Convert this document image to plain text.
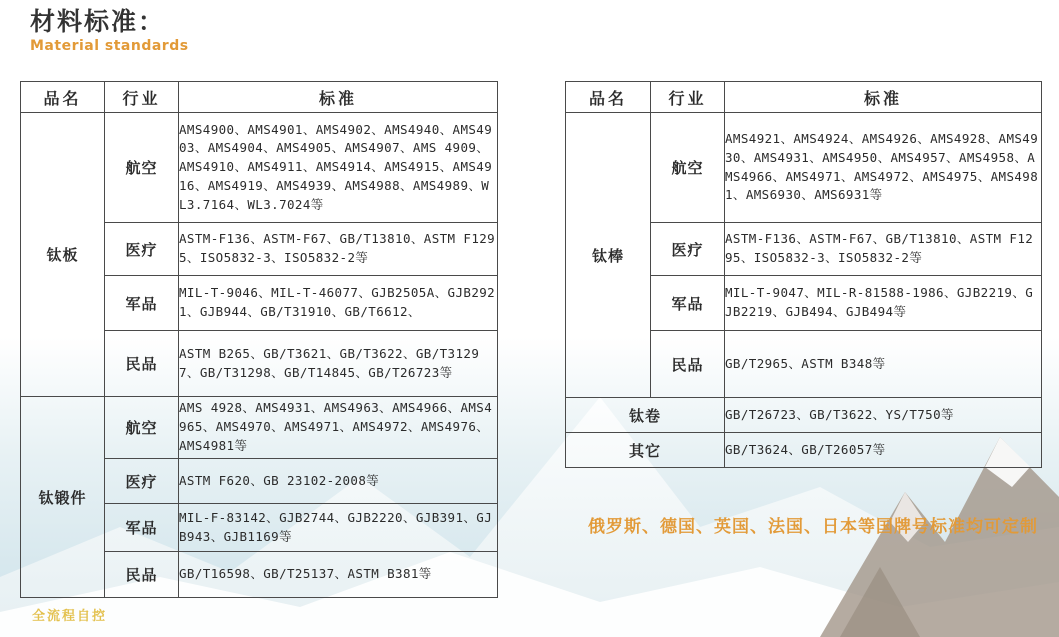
材料标准：
Material standards
品名	行业	标准
钛板	航空	AMS4900、AMS4901、AMS4902、AMS4940、AMS4903、AMS4904、AMS4905、AMS4907、AMS 4909、AMS4910、AMS4911、AMS4914、AMS4915、AMS4916、AMS4919、AMS4939、AMS4988、AMS4989、WL3.7164、WL3.7024等
	医疗	ASTM-F136、ASTM-F67、GB/T13810、ASTM F1295、ISO5832-3、ISO5832-2等
	军品	MIL-T-9046、MIL-T-46077、GJB2505A、GJB2921、GJB944、GB/T31910、GB/T6612、
	民品	ASTM B265、GB/T3621、GB/T3622、GB/T31297、GB/T31298、GB/T14845、GB/T26723等
钛锻件	航空	AMS 4928、AMS4931、AMS4963、AMS4966、AMS4965、AMS4970、AMS4971、AMS4972、AMS4976、AMS4981等
	医疗	ASTM F620、GB 23102-2008等
	军品	MIL-F-83142、GJB2744、GJB2220、GJB391、GJB943、GJB1169等
	民品	GB/T16598、GB/T25137、ASTM B381等
品名	行业	标准
钛棒	航空	AMS4921、AMS4924、AMS4926、AMS4928、AMS4930、AMS4931、AMS4950、AMS4957、AMS4958、AMS4966、AMS4971、AMS4972、AMS4975、AMS4981、AMS6930、AMS6931等
	医疗	ASTM-F136、ASTM-F67、GB/T13810、ASTM F1295、ISO5832-3、ISO5832-2等
	军品	MIL-T-9047、MIL-R-81588-1986、GJB2219、GJB2219、GJB494、GJB494等
	民品	GB/T2965、ASTM B348等
钛卷		GB/T26723、GB/T3622、YS/T750等
其它		GB/T3624、GB/T26057等
俄罗斯、德国、英国、法国、日本等国牌号标准均可定制
全流程自控
